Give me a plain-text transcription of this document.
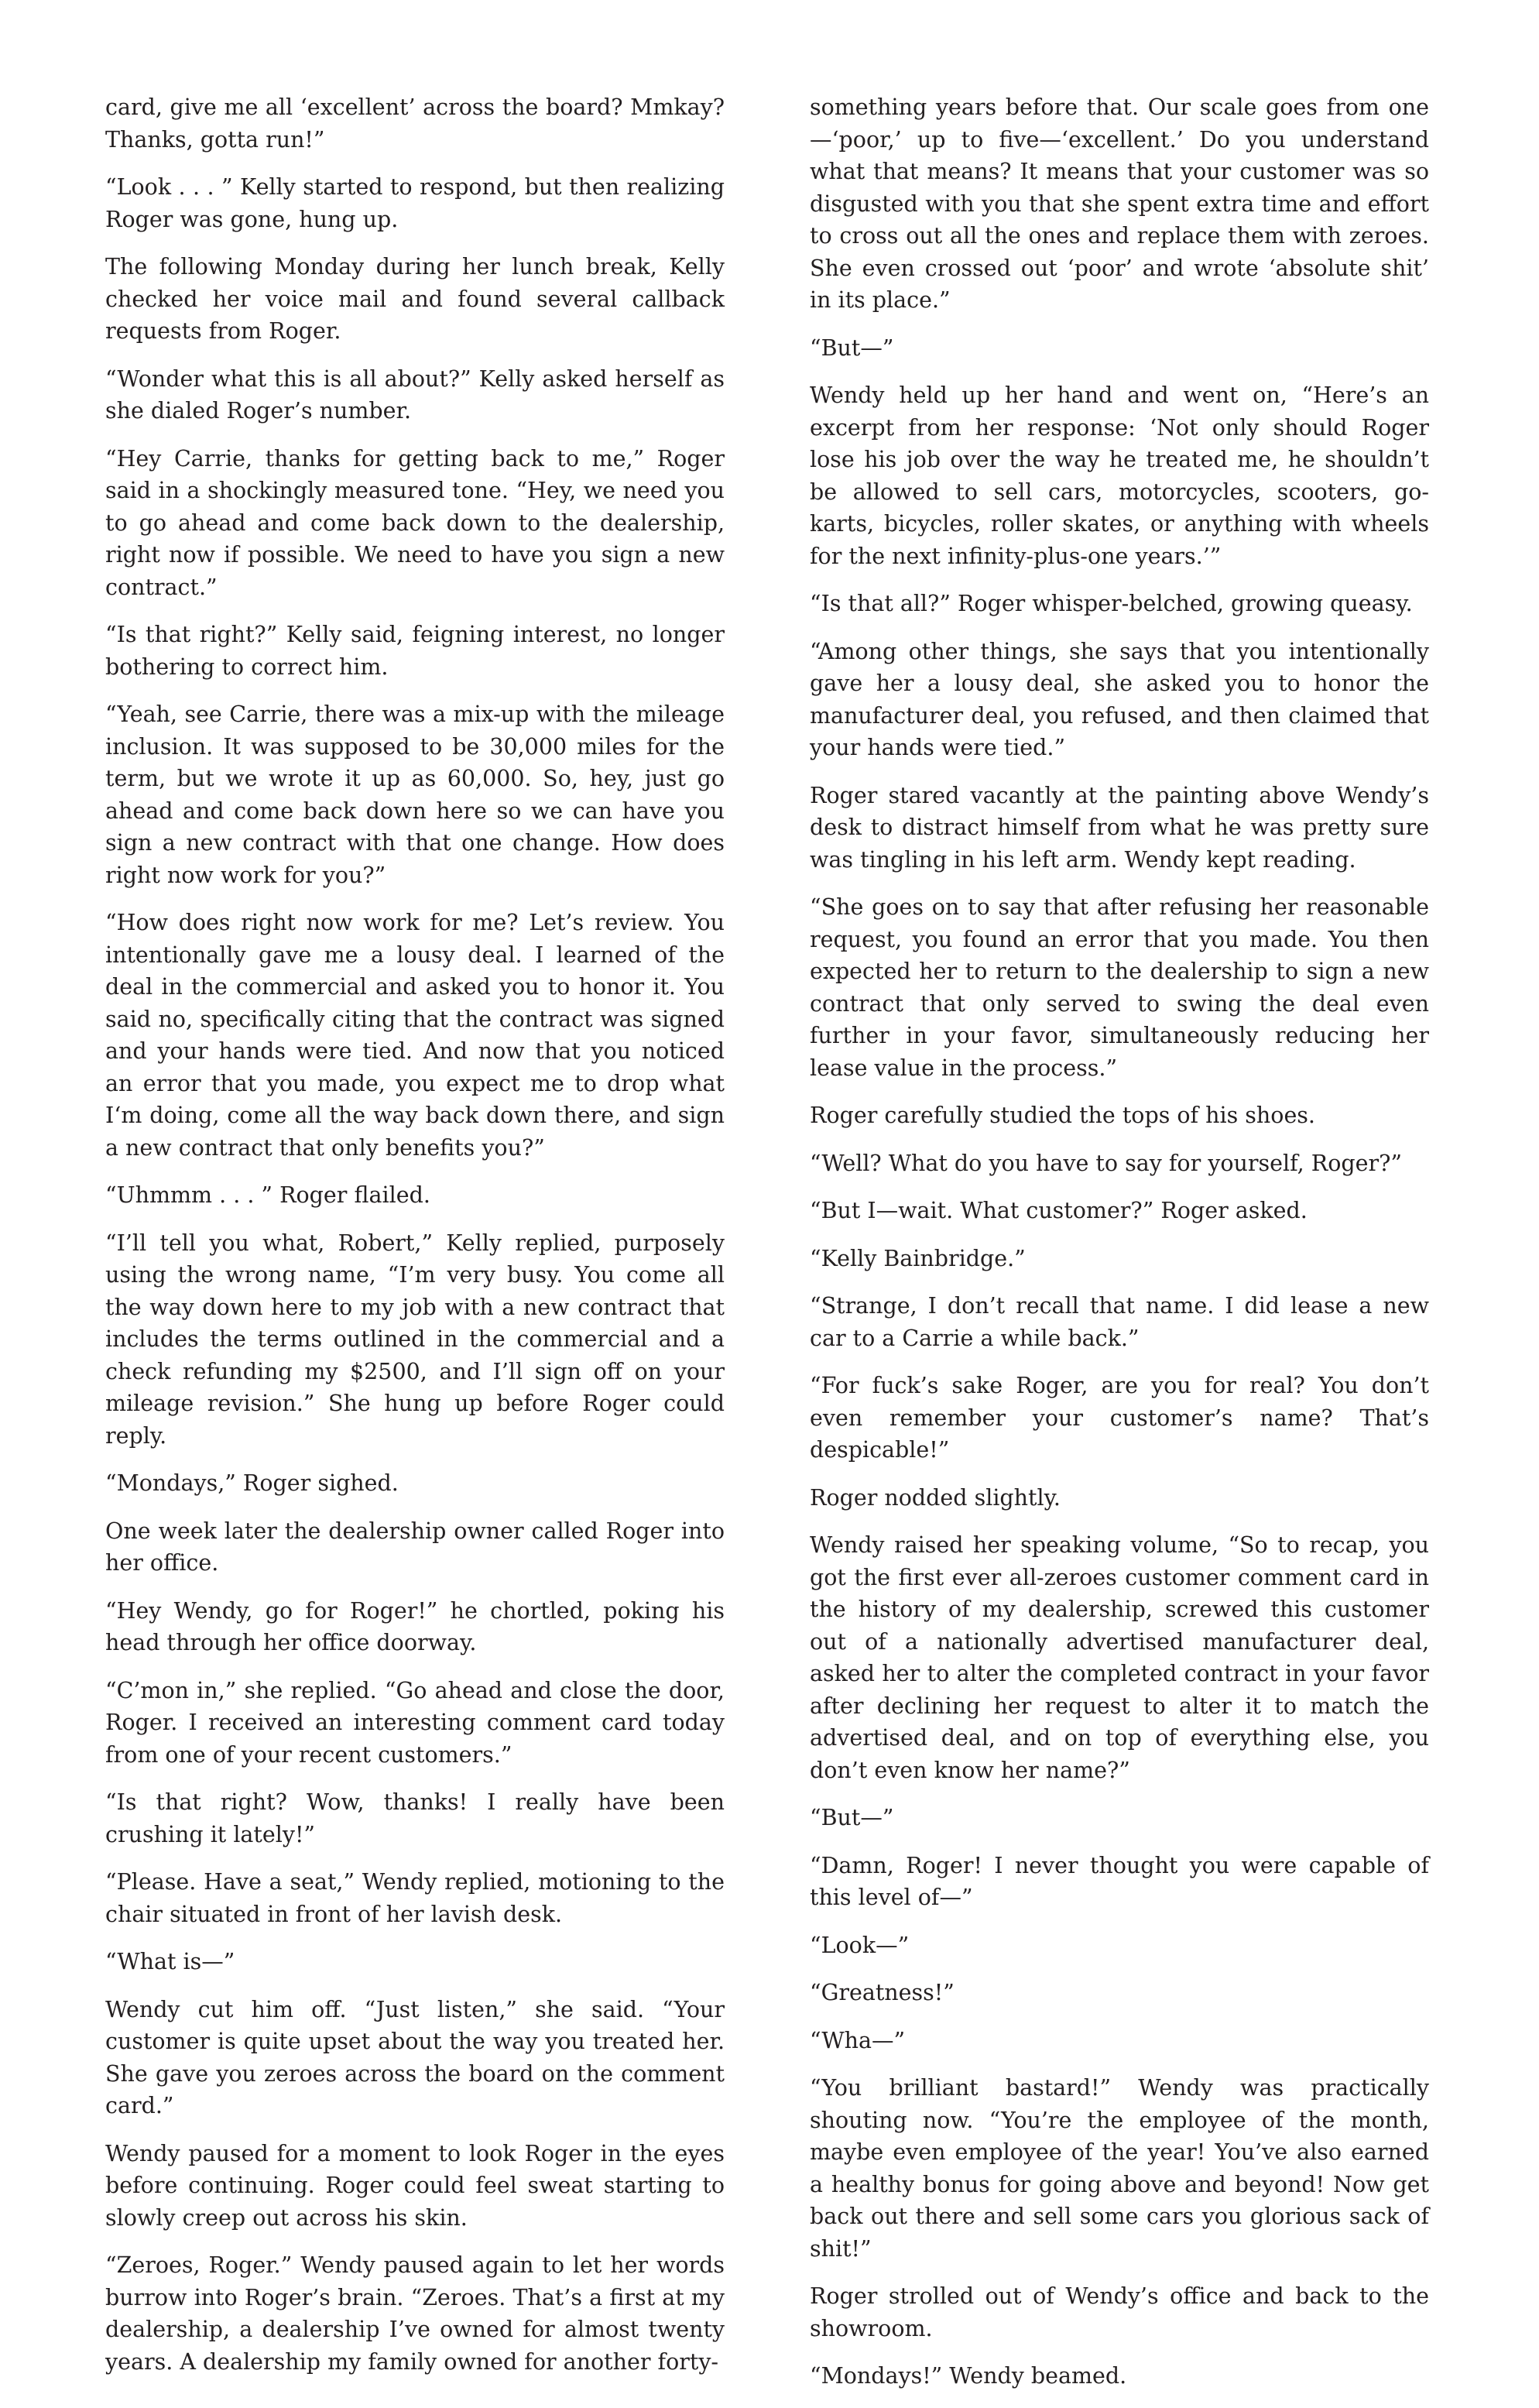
card, give me all ‘excellent’ across the board? Mmkay? Thanks, gotta run!”

“Look . . . ” Kelly started to respond, but then realizing Roger was gone, hung up.

The following Monday during her lunch break, Kelly checked her voice mail and found several callback requests from Roger.

“Wonder what this is all about?” Kelly asked herself as she dialed Roger’s number.

“Hey Carrie, thanks for getting back to me,” Roger said in a shockingly measured tone. “Hey, we need you to go ahead and come back down to the dealership, right now if possible. We need to have you sign a new contract.”

“Is that right?” Kelly said, feigning interest, no longer bothering to correct him.

“Yeah, see Carrie, there was a mix-up with the mileage inclusion. It was supposed to be 30,000 miles for the term, but we wrote it up as 60,000. So, hey, just go ahead and come back down here so we can have you sign a new contract with that one change. How does right now work for you?”

“How does right now work for me? Let’s review. You intentionally gave me a lousy deal. I learned of the deal in the commercial and asked you to honor it. You said no, specifically citing that the contract was signed and your hands were tied. And now that you noticed an error that you made, you expect me to drop what I‘m doing, come all the way back down there, and sign a new contract that only benefits you?”

“Uhmmm . . . ” Roger flailed.

“I’ll tell you what, Robert,” Kelly replied, purposely using the wrong name, “I’m very busy. You come all the way down here to my job with a new contract that includes the terms outlined in the commercial and a check refunding my $2500, and I’ll sign off on your mileage revision.” She hung up before Roger could reply.

“Mondays,” Roger sighed.

One week later the dealership owner called Roger into her office.

“Hey Wendy, go for Roger!” he chortled, poking his head through her office doorway.

“C’mon in,” she replied. “Go ahead and close the door, Roger. I received an interesting comment card today from one of your recent customers.”

“Is that right? Wow, thanks! I really have been crushing it lately!”

“Please. Have a seat,” Wendy replied, motioning to the chair situated in front of her lavish desk.

“What is—”

Wendy cut him off. “Just listen,” she said. “Your customer is quite upset about the way you treated her. She gave you zeroes across the board on the comment card.”

Wendy paused for a moment to look Roger in the eyes before continuing. Roger could feel sweat starting to slowly creep out across his skin.

“Zeroes, Roger.” Wendy paused again to let her words burrow into Roger’s brain. “Zeroes. That’s a first at my dealership, a dealership I’ve owned for almost twenty years. A dealership my family owned for another forty-

something years before that. Our scale goes from one—‘poor,’ up to five—‘excellent.’ Do you understand what that means? It means that your customer was so disgusted with you that she spent extra time and effort to cross out all the ones and replace them with zeroes. She even crossed out ‘poor’ and wrote ‘absolute shit’ in its place.”

“But—”

Wendy held up her hand and went on, “Here’s an excerpt from her response: ‘Not only should Roger lose his job over the way he treated me, he shouldn’t be allowed to sell cars, motorcycles, scooters, go-karts, bicycles, roller skates, or anything with wheels for the next infinity-plus-one years.’”

“Is that all?” Roger whisper-belched, growing queasy.

“Among other things, she says that you intentionally gave her a lousy deal, she asked you to honor the manufacturer deal, you refused, and then claimed that your hands were tied.”

Roger stared vacantly at the painting above Wendy’s desk to distract himself from what he was pretty sure was tingling in his left arm. Wendy kept reading.

“She goes on to say that after refusing her reasonable request, you found an error that you made. You then expected her to return to the dealership to sign a new contract that only served to swing the deal even further in your favor, simultaneously reducing her lease value in the process.”

Roger carefully studied the tops of his shoes.

“Well? What do you have to say for yourself, Roger?”

“But I—wait. What customer?” Roger asked.

“Kelly Bainbridge.”

“Strange, I don’t recall that name. I did lease a new car to a Carrie a while back.”

“For fuck’s sake Roger, are you for real? You don’t even remember your customer’s name? That’s despicable!”

Roger nodded slightly.

Wendy raised her speaking volume, “So to recap, you got the first ever all-zeroes customer comment card in the history of my dealership, screwed this customer out of a nationally advertised manufacturer deal, asked her to alter the completed contract in your favor after declining her request to alter it to match the advertised deal, and on top of everything else, you don’t even know her name?”

“But—”

“Damn, Roger! I never thought you were capable of this level of—”

“Look—”

“Greatness!”

“Wha—”

“You brilliant bastard!” Wendy was practically shouting now. “You’re the employee of the month, maybe even employee of the year! You’ve also earned a healthy bonus for going above and beyond! Now get back out there and sell some cars you glorious sack of shit!”

Roger strolled out of Wendy’s office and back to the showroom.

“Mondays!” Wendy beamed.
